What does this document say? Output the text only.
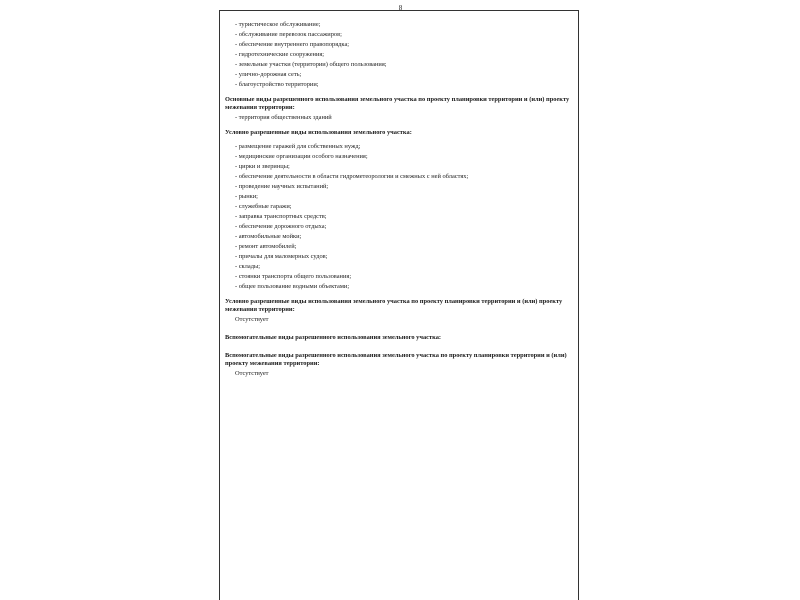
8
- туристическое обслуживание;
- обслуживание перевозок пассажиров;
- обеспечение внутреннего правопорядка;
- гидротехнические сооружения;
- земельные участки (территории) общего пользования;
- улично-дорожная сеть;
- благоустройство территории;
Основные виды разрешенного использования земельного участка по проекту планировки территории и (или) проекту межевания территории:
- территория общественных зданий
Условно разрешенные виды использования земельного участка:
- размещение гаражей для собственных нужд;
- медицинские организации особого назначения;
- цирки и зверинцы;
- обеспечение деятельности в области гидрометеорологии и смежных с ней областях;
- проведение научных испытаний;
- рынки;
- служебные гаражи;
- заправка транспортных средств;
- обеспечение дорожного отдыха;
- автомобильные мойки;
- ремонт автомобилей;
- причалы для маломерных судов;
- склады;
- стоянки транспорта общего пользования;
- общее пользование водными объектами;
Условно разрешенные виды использования земельного участка по проекту планировки территории и (или) проекту межевания территории:
Отсутствует
Вспомогательные виды разрешенного использования земельного участка:
Вспомогательные виды разрешенного использования земельного участка по проекту планировки территории и (или) проекту межевания территории:
Отсутствует
